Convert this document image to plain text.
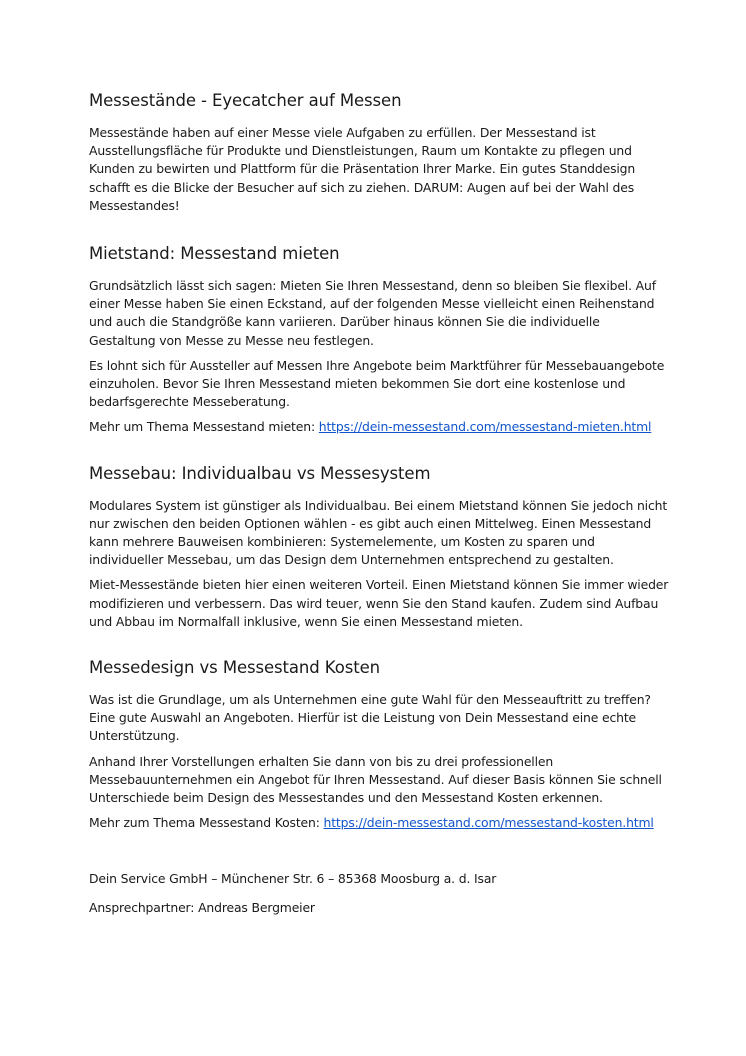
Messestände - Eyecatcher auf Messen

Messestände haben auf einer Messe viele Aufgaben zu erfüllen. Der Messestand ist Ausstellungsfläche für Produkte und Dienstleistungen, Raum um Kontakte zu pflegen und Kunden zu bewirten und Plattform für die Präsentation Ihrer Marke. Ein gutes Standdesign schafft es die Blicke der Besucher auf sich zu ziehen. DARUM: Augen auf bei der Wahl des Messestandes!

Mietstand: Messestand mieten

Grundsätzlich lässt sich sagen: Mieten Sie Ihren Messestand, denn so bleiben Sie flexibel. Auf einer Messe haben Sie einen Eckstand, auf der folgenden Messe vielleicht einen Reihenstand und auch die Standgröße kann variieren. Darüber hinaus können Sie die individuelle Gestaltung von Messe zu Messe neu festlegen.

Es lohnt sich für Aussteller auf Messen Ihre Angebote beim Marktführer für Messebauangebote einzuholen. Bevor Sie Ihren Messestand mieten bekommen Sie dort eine kostenlose und bedarfsgerechte Messeberatung.

Mehr um Thema Messestand mieten: https://dein-messestand.com/messestand-mieten.html

Messebau: Individualbau vs Messesystem

Modulares System ist günstiger als Individualbau. Bei einem Mietstand können Sie jedoch nicht nur zwischen den beiden Optionen wählen - es gibt auch einen Mittelweg. Einen Messestand kann mehrere Bauweisen kombinieren: Systemelemente, um Kosten zu sparen und individueller Messebau, um das Design dem Unternehmen entsprechend zu gestalten.

Miet-Messestände bieten hier einen weiteren Vorteil. Einen Mietstand können Sie immer wieder modifizieren und verbessern. Das wird teuer, wenn Sie den Stand kaufen. Zudem sind Aufbau und Abbau im Normalfall inklusive, wenn Sie einen Messestand mieten.

Messedesign vs Messestand Kosten

Was ist die Grundlage, um als Unternehmen eine gute Wahl für den Messeauftritt zu treffen? Eine gute Auswahl an Angeboten. Hierfür ist die Leistung von Dein Messestand eine echte Unterstützung.

Anhand Ihrer Vorstellungen erhalten Sie dann von bis zu drei professionellen Messebauunternehmen ein Angebot für Ihren Messestand. Auf dieser Basis können Sie schnell Unterschiede beim Design des Messestandes und den Messestand Kosten erkennen.

Mehr zum Thema Messestand Kosten: https://dein-messestand.com/messestand-kosten.html

Dein Service GmbH – Münchener Str. 6 – 85368 Moosburg a. d. Isar

Ansprechpartner: Andreas Bergmeier
